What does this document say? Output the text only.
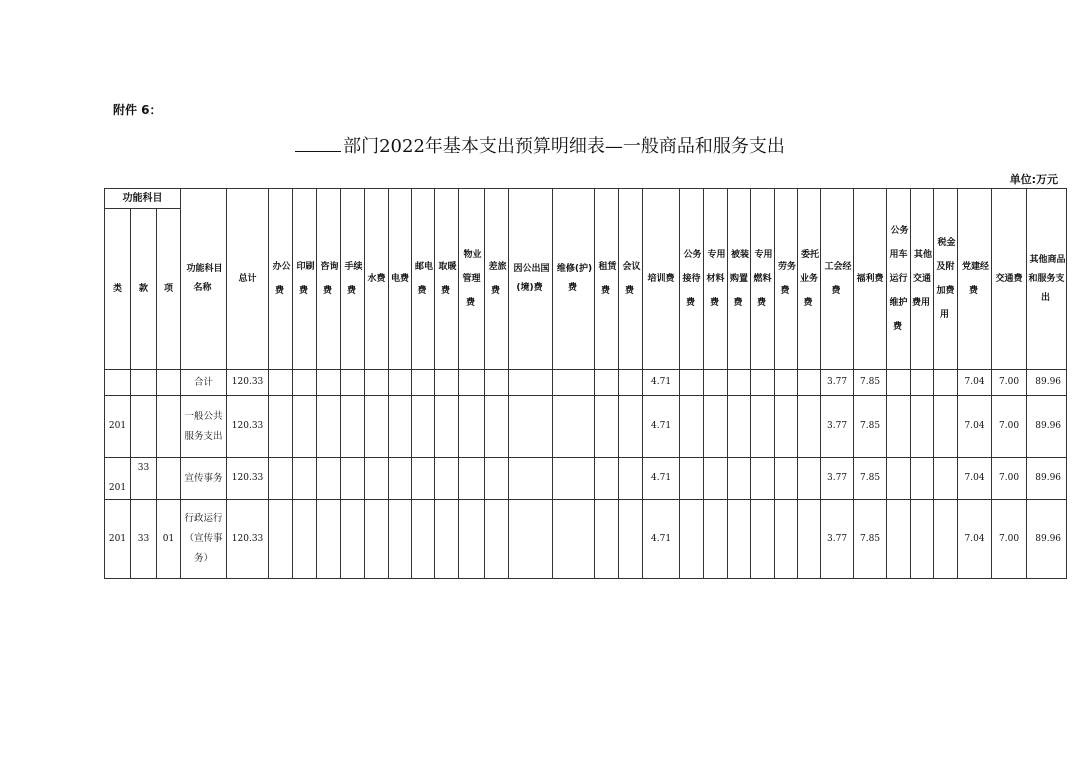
附件 6：
部门2022年基本支出预算明细表—一般商品和服务支出
单位:万元
功能科目			功能科目名称	总计	办公费	印刷费	咨询费	手续费	水费	电费	邮电费	取暖费	物业管理费	差旅费	因公出国(境)费	维修(护)费	租赁费	会议费	培训费	公务接待费	专用材料费	被装购置费	专用燃料费	劳务费	委托业务费	工会经费	福利费	公务用车运行维护费	其他交通费用	税金及附加费用	党建经费	交通费	其他商品和服务支出
类	款	项																															
			合计	120.33															4.71							3.77	7.85				7.04	7.00	89.96
201			一般公共服务支出	120.33															4.71							3.77	7.85				7.04	7.00	89.96
201	33		宣传事务	120.33															4.71							3.77	7.85				7.04	7.00	89.96
201	33	01	行政运行（宣传事务）	120.33															4.71							3.77	7.85				7.04	7.00	89.96
